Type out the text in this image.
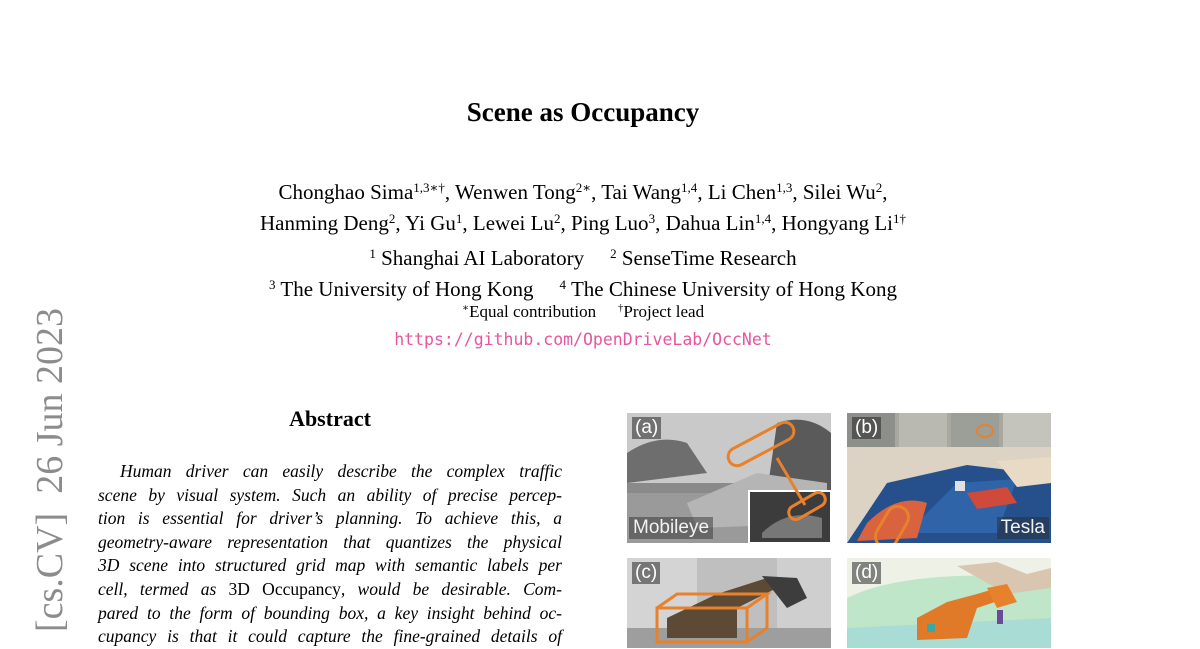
[cs.CV]

26 Jun 2023
Scene as Occupancy
Chonghao Sima$^{1,3∗\dagger}$, Wenwen Tong$^{2∗}$, Tai Wang$^{1,4}$, Li Chen$^{1,3}$, Silei Wu$^2$,
Hanming Deng$^2$, Yi Gu$^1$, Lewei Lu$^2$, Ping Luo$^3$, Dahua Lin$^{1,4}$, Hongyang $Li^{1\dagger}$
$^1$ Shanghai AI Laboratory $^2$ SenseTime Research
$^3$ The University of Hong Kong $^4$ The Chinese University of Hong Kong
∗Equal contribution †Project lead
https://github.com/OpenDriveLab/OccNet
Abstract
Human driver can easily describe the complex traffic
scene by visual system. Such an ability of precise percep-
tion is essential for driver’s planning. To achieve this, a
geometry-aware representation that quantizes the physical
3D scene into structured grid map with semantic labels per
cell, termed as 3D Occupancy, would be desirable. Com-
pared to the form of bounding box, a key insight behind oc-
cupancy is that it could capture the fine-grained details of
(a)
Mobileye
(b)
Tesla
(c)	(d)
